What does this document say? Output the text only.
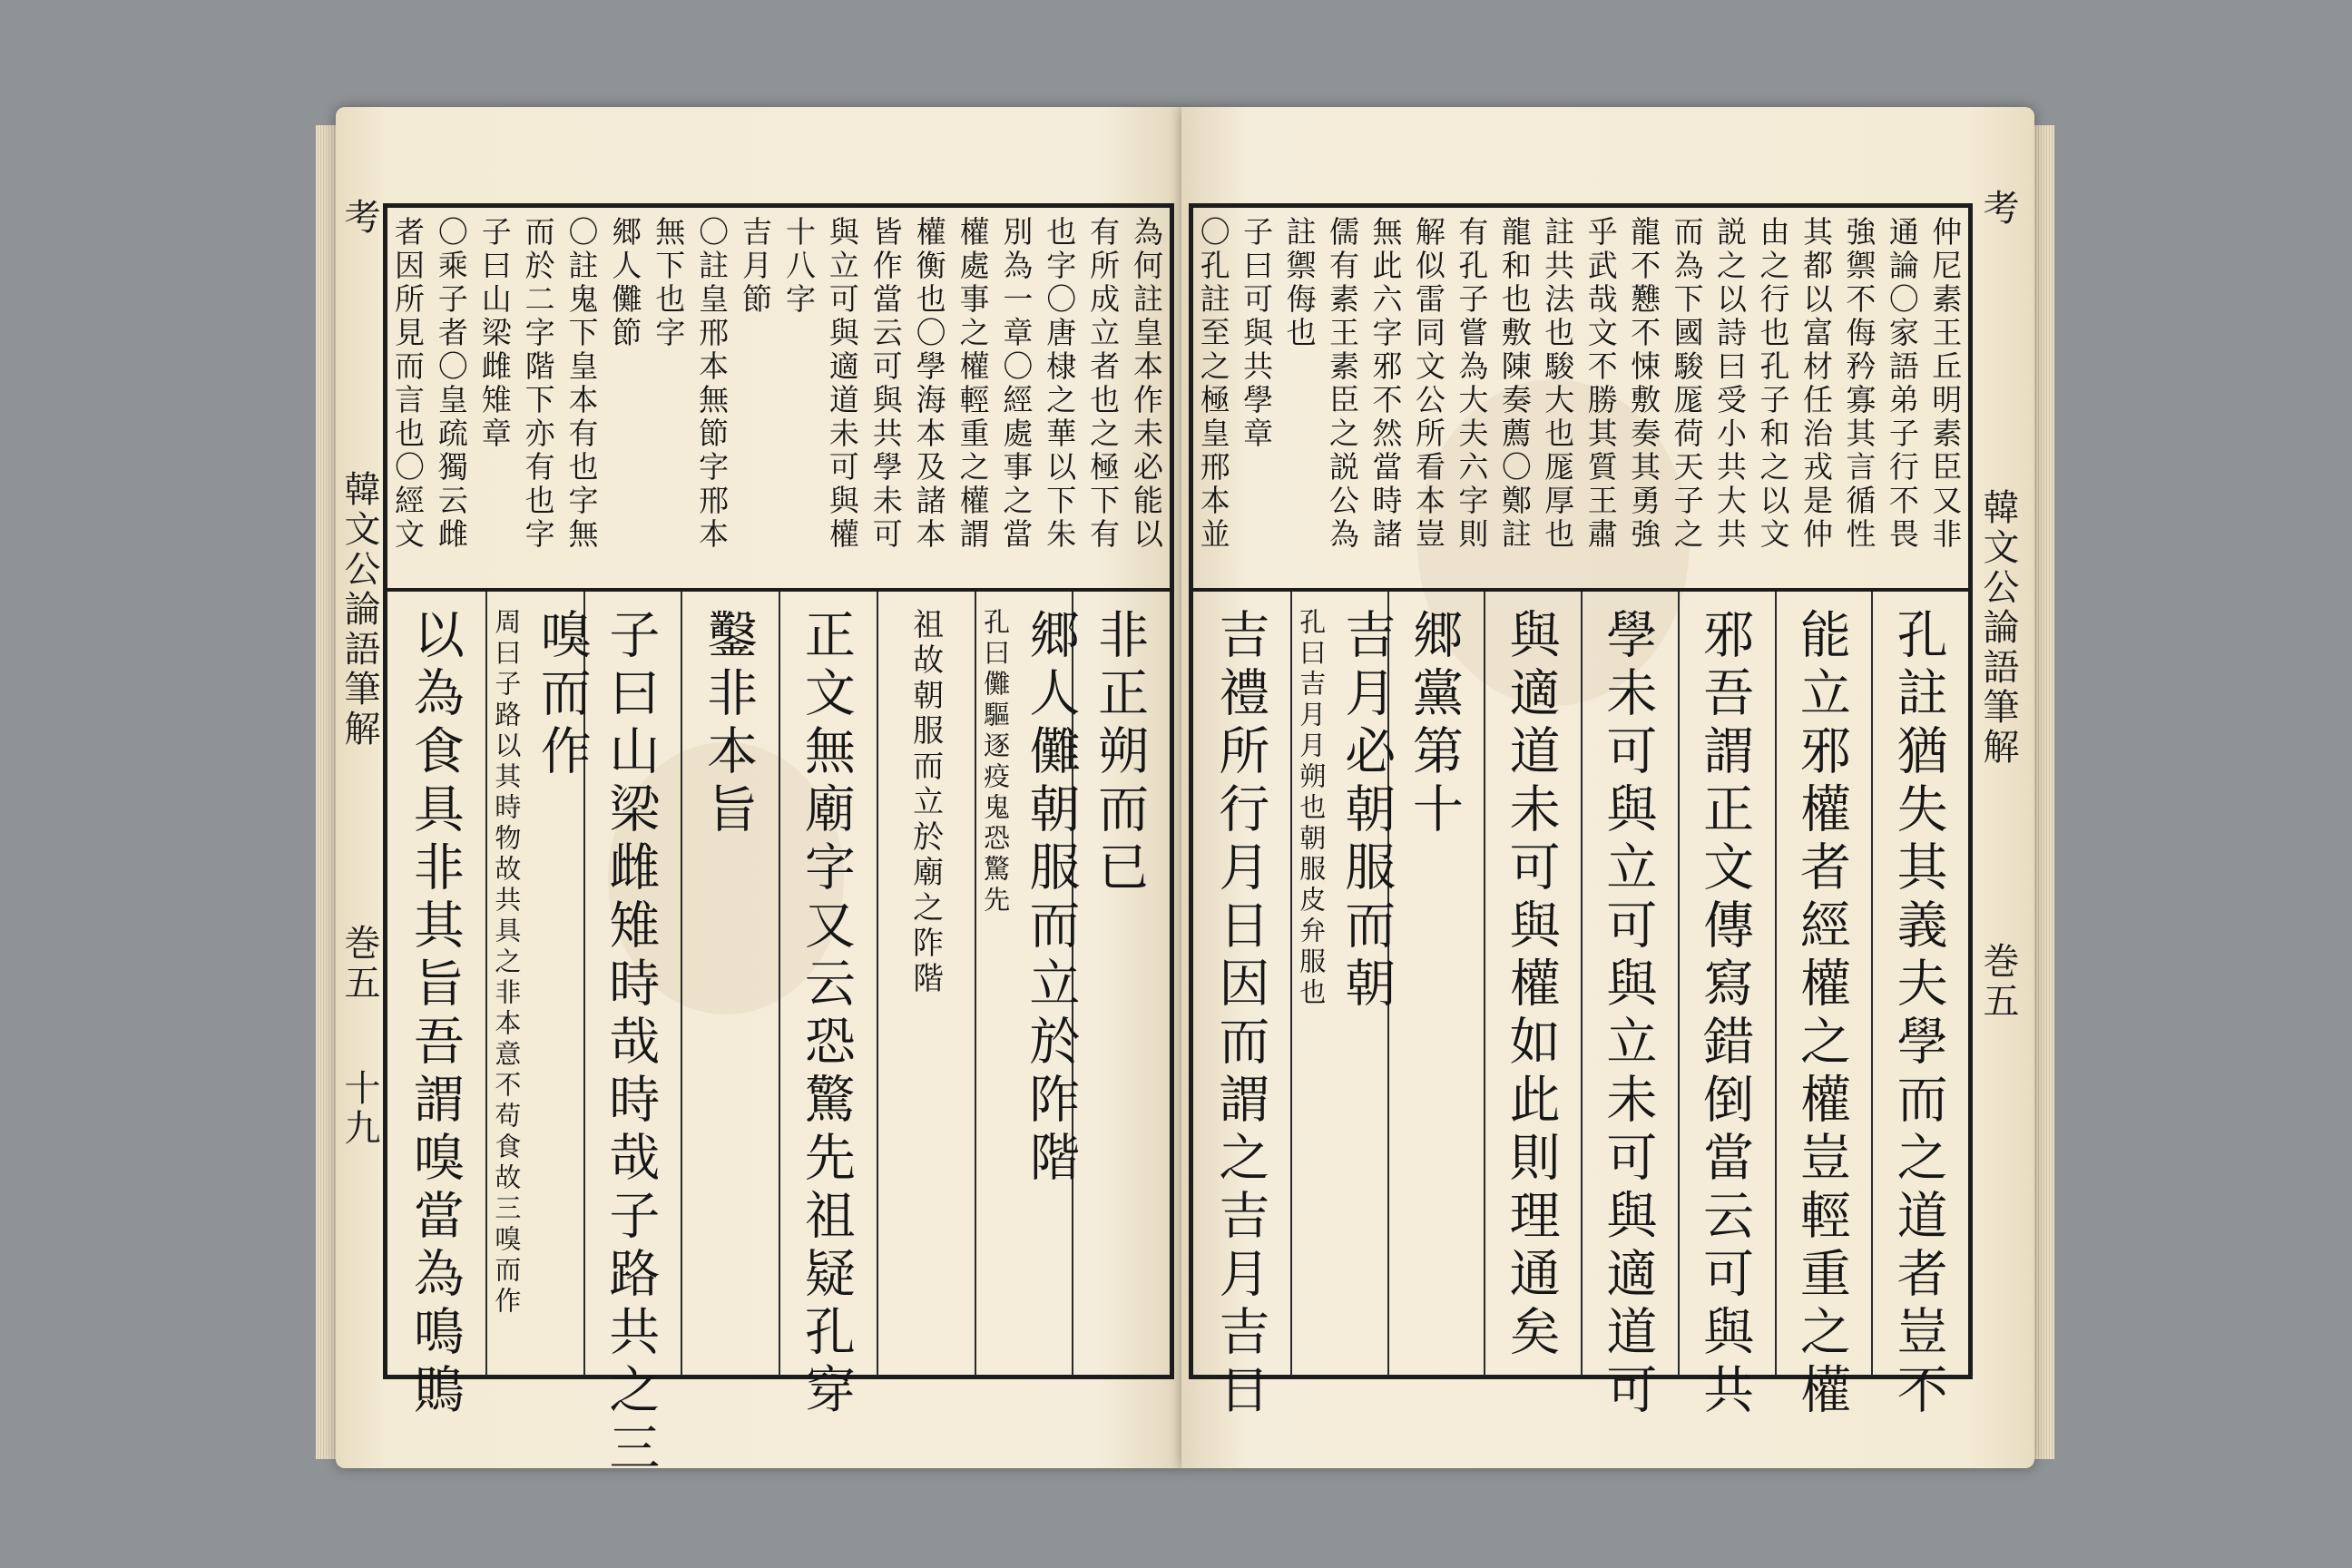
考
韓文公論語筆解
巻五
十九
為何註皇本作未必能以
有所成立者也之極下有
也字〇唐棣之華以下朱
別為一章〇經處事之當
權處事之權輕重之權謂
權衡也〇學海本及諸本
皆作當云可與共學未可
與立可與適道未可與權
十八字
吉月節
〇註皇邢本無節字邢本
無下也字
郷人儺節
〇註鬼下皇本有也字無
而於二字階下亦有也字
子曰山梁雌雉章
〇乘子者〇皇疏獨云雌
者因所見而言也〇經文
非正朔而已
郷人儺朝服而立於阼階
孔曰儺驅逐疫鬼恐驚先
祖故朝服而立於廟之阼階
正文無廟字又云恐驚先祖疑孔穿
鑿非本旨
子曰山梁雌雉時哉時哉子路共之三
嗅而作
周曰子路以其時物故共具之非本意不苟食故三嗅而作
以為食具非其旨吾謂嗅當為鳴鵙
考
韓文公論語筆解
巻五
仲尼素王丘明素臣又非
通論〇家語弟子行不畏
強禦不侮矜寡其言循性
其都以富材任治戎是仲
由之行也孔子和之以文
説之以詩曰受小共大共
而為下國駿厖荷天子之
龍不戁不悚敷奏其勇強
乎武哉文不勝其質王肅
註共法也駿大也厖厚也
龍和也敷陳奏薦〇鄭註
有孔子嘗為大夫六字則
解似雷同文公所看本豈
無此六字邪不然當時諸
儒有素王素臣之説公為
註禦侮也
子曰可與共學章
〇孔註至之極皇邢本並
孔註猶失其義夫學而之道者豈不
能立邪權者經權之權豈輕重之權
邪吾謂正文傳寫錯倒當云可與共
學未可與立可與立未可與適道可
與適道未可與權如此則理通矣
郷黨第十
吉月必朝服而朝
孔曰吉月月朔也朝服皮弁服也
吉禮所行月日因而謂之吉月吉日
